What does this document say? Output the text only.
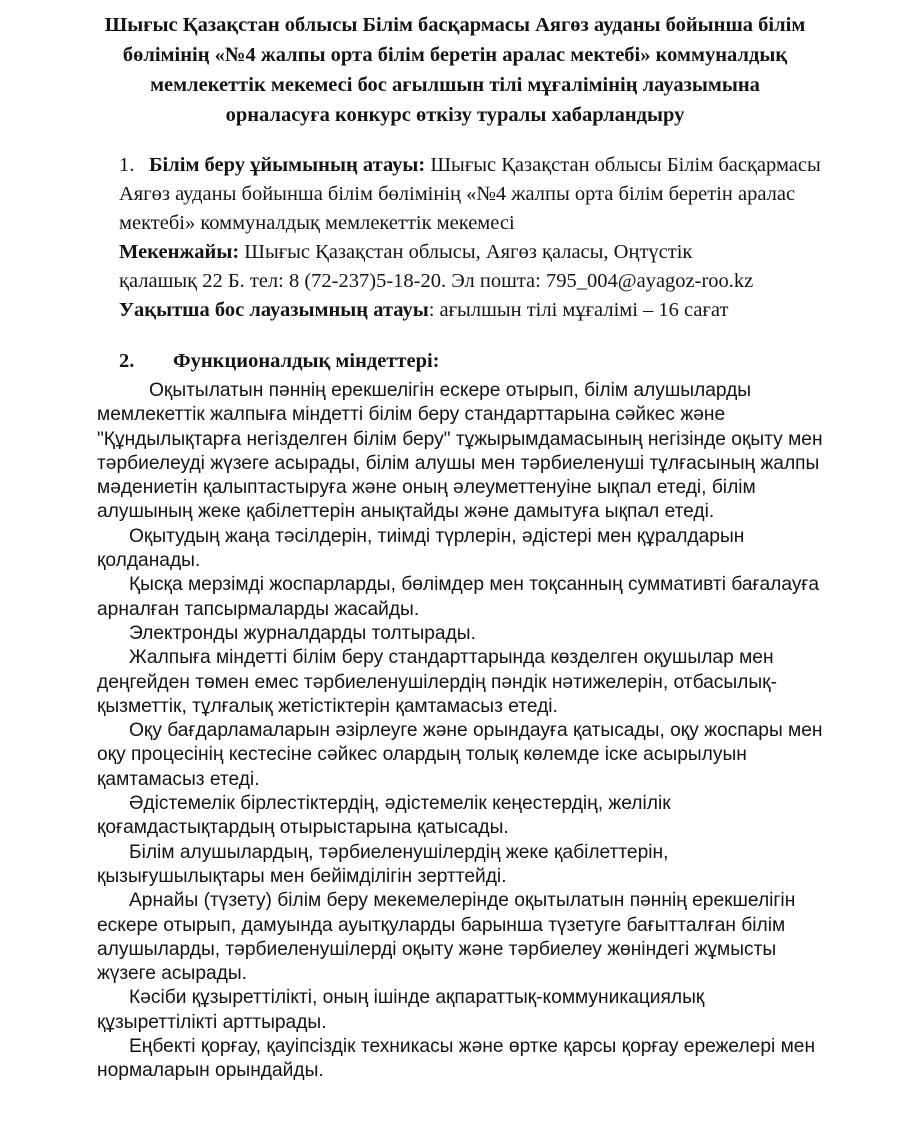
Шығыс Қазақстан облысы Білім басқармасы Аягөз ауданы бойынша білім
бөлімінің «№4 жалпы орта білім беретін аралас мектебі» коммуналдық
мемлекеттік мекемесі бос ағылшын тілі мұғалімінің лауазымына
орналасуға конкурс өткізу туралы хабарландыру
1. Білім беру ұйымының атауы: Шығыс Қазақстан облысы Білім басқармасы
Аягөз ауданы бойынша білім бөлімінің «№4 жалпы орта білім беретін аралас
мектебі» коммуналдық мемлекеттік мекемесі
Мекенжайы: Шығыс Қазақстан облысы, Аягөз қаласы, Оңтүстік
қалашық 22 Б. тел: 8 (72-237)5-18-20. Эл пошта: 795_004@ayagoz-roo.kz
Уақытша бос лауазымның атауы: ағылшын тілі мұғалімі – 16 сағат
2. Функционалдық міндеттері:
Оқытылатын пәннің ерекшелігін ескере отырып, білім алушыларды
мемлекеттік жалпыға міндетті білім беру стандарттарына сәйкес және
"Құндылықтарға негізделген білім беру" тұжырымдамасының негізінде оқыту мен
тәрбиелеуді жүзеге асырады, білім алушы мен тәрбиеленуші тұлғасының жалпы
мәдениетін қалыптастыруға және оның әлеуметтенуіне ықпал етеді, білім
алушының жеке қабілеттерін анықтайды және дамытуға ықпал етеді.
Оқытудың жаңа тәсілдерін, тиімді түрлерін, әдістері мен құралдарын
қолданады.
Қысқа мерзімді жоспарларды, бөлімдер мен тоқсанның суммативті бағалауға
арналған тапсырмаларды жасайды.
Электронды журналдарды толтырады.
Жалпыға міндетті білім беру стандарттарында көзделген оқушылар мен
деңгейден төмен емес тәрбиеленушілердің пәндік нәтижелерін, отбасылық-
қызметтік, тұлғалық жетістіктерін қамтамасыз етеді.
Оқу бағдарламаларын әзірлеуге және орындауға қатысады, оқу жоспары мен
оқу процесінің кестесіне сәйкес олардың толық көлемде іске асырылуын
қамтамасыз етеді.
Әдістемелік бірлестіктердің, әдістемелік кеңестердің, желілік
қоғамдастықтардың отырыстарына қатысады.
Білім алушылардың, тәрбиеленушілердің жеке қабілеттерін,
қызығушылықтары мен бейімділігін зерттейді.
Арнайы (түзету) білім беру мекемелерінде оқытылатын пәннің ерекшелігін
ескере отырып, дамуында ауытқуларды барынша түзетуге бағытталған білім
алушыларды, тәрбиеленушілерді оқыту және тәрбиелеу жөніндегі жұмысты
жүзеге асырады.
Кәсіби құзыреттілікті, оның ішінде ақпараттық-коммуникациялық
құзыреттілікті арттырады.
Еңбекті қорғау, қауіпсіздік техникасы және өртке қарсы қорғау ережелері мен
нормаларын орындайды.
